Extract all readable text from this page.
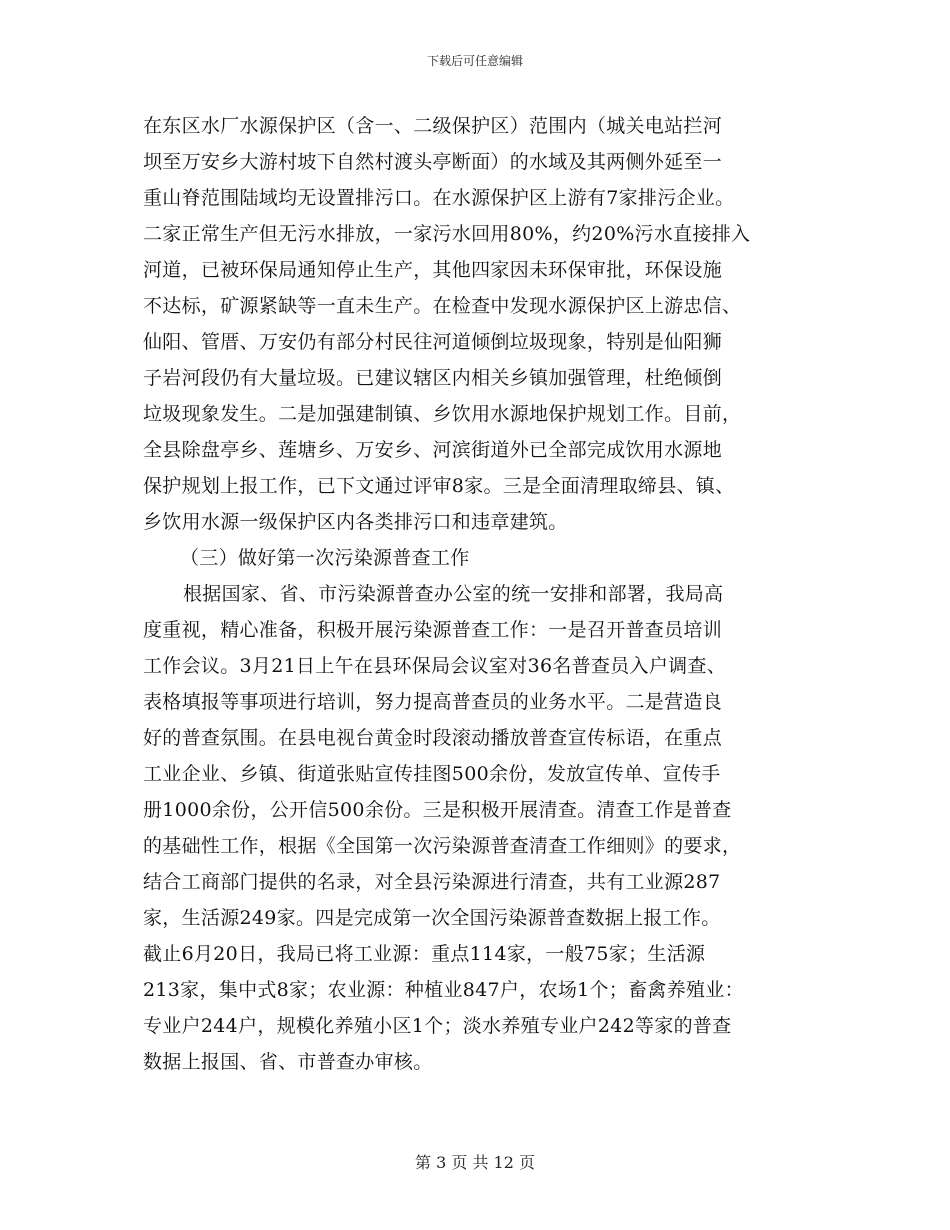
下载后可任意编辑
在东区水厂水源保护区（含一、二级保护区）范围内（城关电站拦河
坝至万安乡大游村坡下自然村渡头亭断面）的水域及其两侧外延至一
重山脊范围陆域均无设置排污口。在水源保护区上游有7家排污企业。
二家正常生产但无污水排放，一家污水回用80%，约20%污水直接排入
河道，已被环保局通知停止生产，其他四家因未环保审批，环保设施
不达标，矿源紧缺等一直未生产。在检查中发现水源保护区上游忠信、
仙阳、管厝、万安仍有部分村民往河道倾倒垃圾现象，特别是仙阳狮
子岩河段仍有大量垃圾。已建议辖区内相关乡镇加强管理，杜绝倾倒
垃圾现象发生。二是加强建制镇、乡饮用水源地保护规划工作。目前，
全县除盘亭乡、莲塘乡、万安乡、河滨街道外已全部完成饮用水源地
保护规划上报工作，已下文通过评审8家。三是全面清理取缔县、镇、
乡饮用水源一级保护区内各类排污口和违章建筑。
（三）做好第一次污染源普查工作
根据国家、省、市污染源普查办公室的统一安排和部署，我局高
度重视，精心准备，积极开展污染源普查工作：一是召开普查员培训
工作会议。3月21日上午在县环保局会议室对36名普查员入户调查、
表格填报等事项进行培训，努力提高普查员的业务水平。二是营造良
好的普查氛围。在县电视台黄金时段滚动播放普查宣传标语，在重点
工业企业、乡镇、街道张贴宣传挂图500余份，发放宣传单、宣传手
册1000余份，公开信500余份。三是积极开展清查。清查工作是普查
的基础性工作，根据《全国第一次污染源普查清查工作细则》的要求，
结合工商部门提供的名录，对全县污染源进行清查，共有工业源287
家，生活源249家。四是完成第一次全国污染源普查数据上报工作。
截止6月20日，我局已将工业源：重点114家，一般75家；生活源
213家，集中式8家；农业源：种植业847户，农场1个；畜禽养殖业：
专业户244户，规模化养殖小区1个；淡水养殖专业户242等家的普查
数据上报国、省、市普查办审核。
第 3 页 共 12 页
